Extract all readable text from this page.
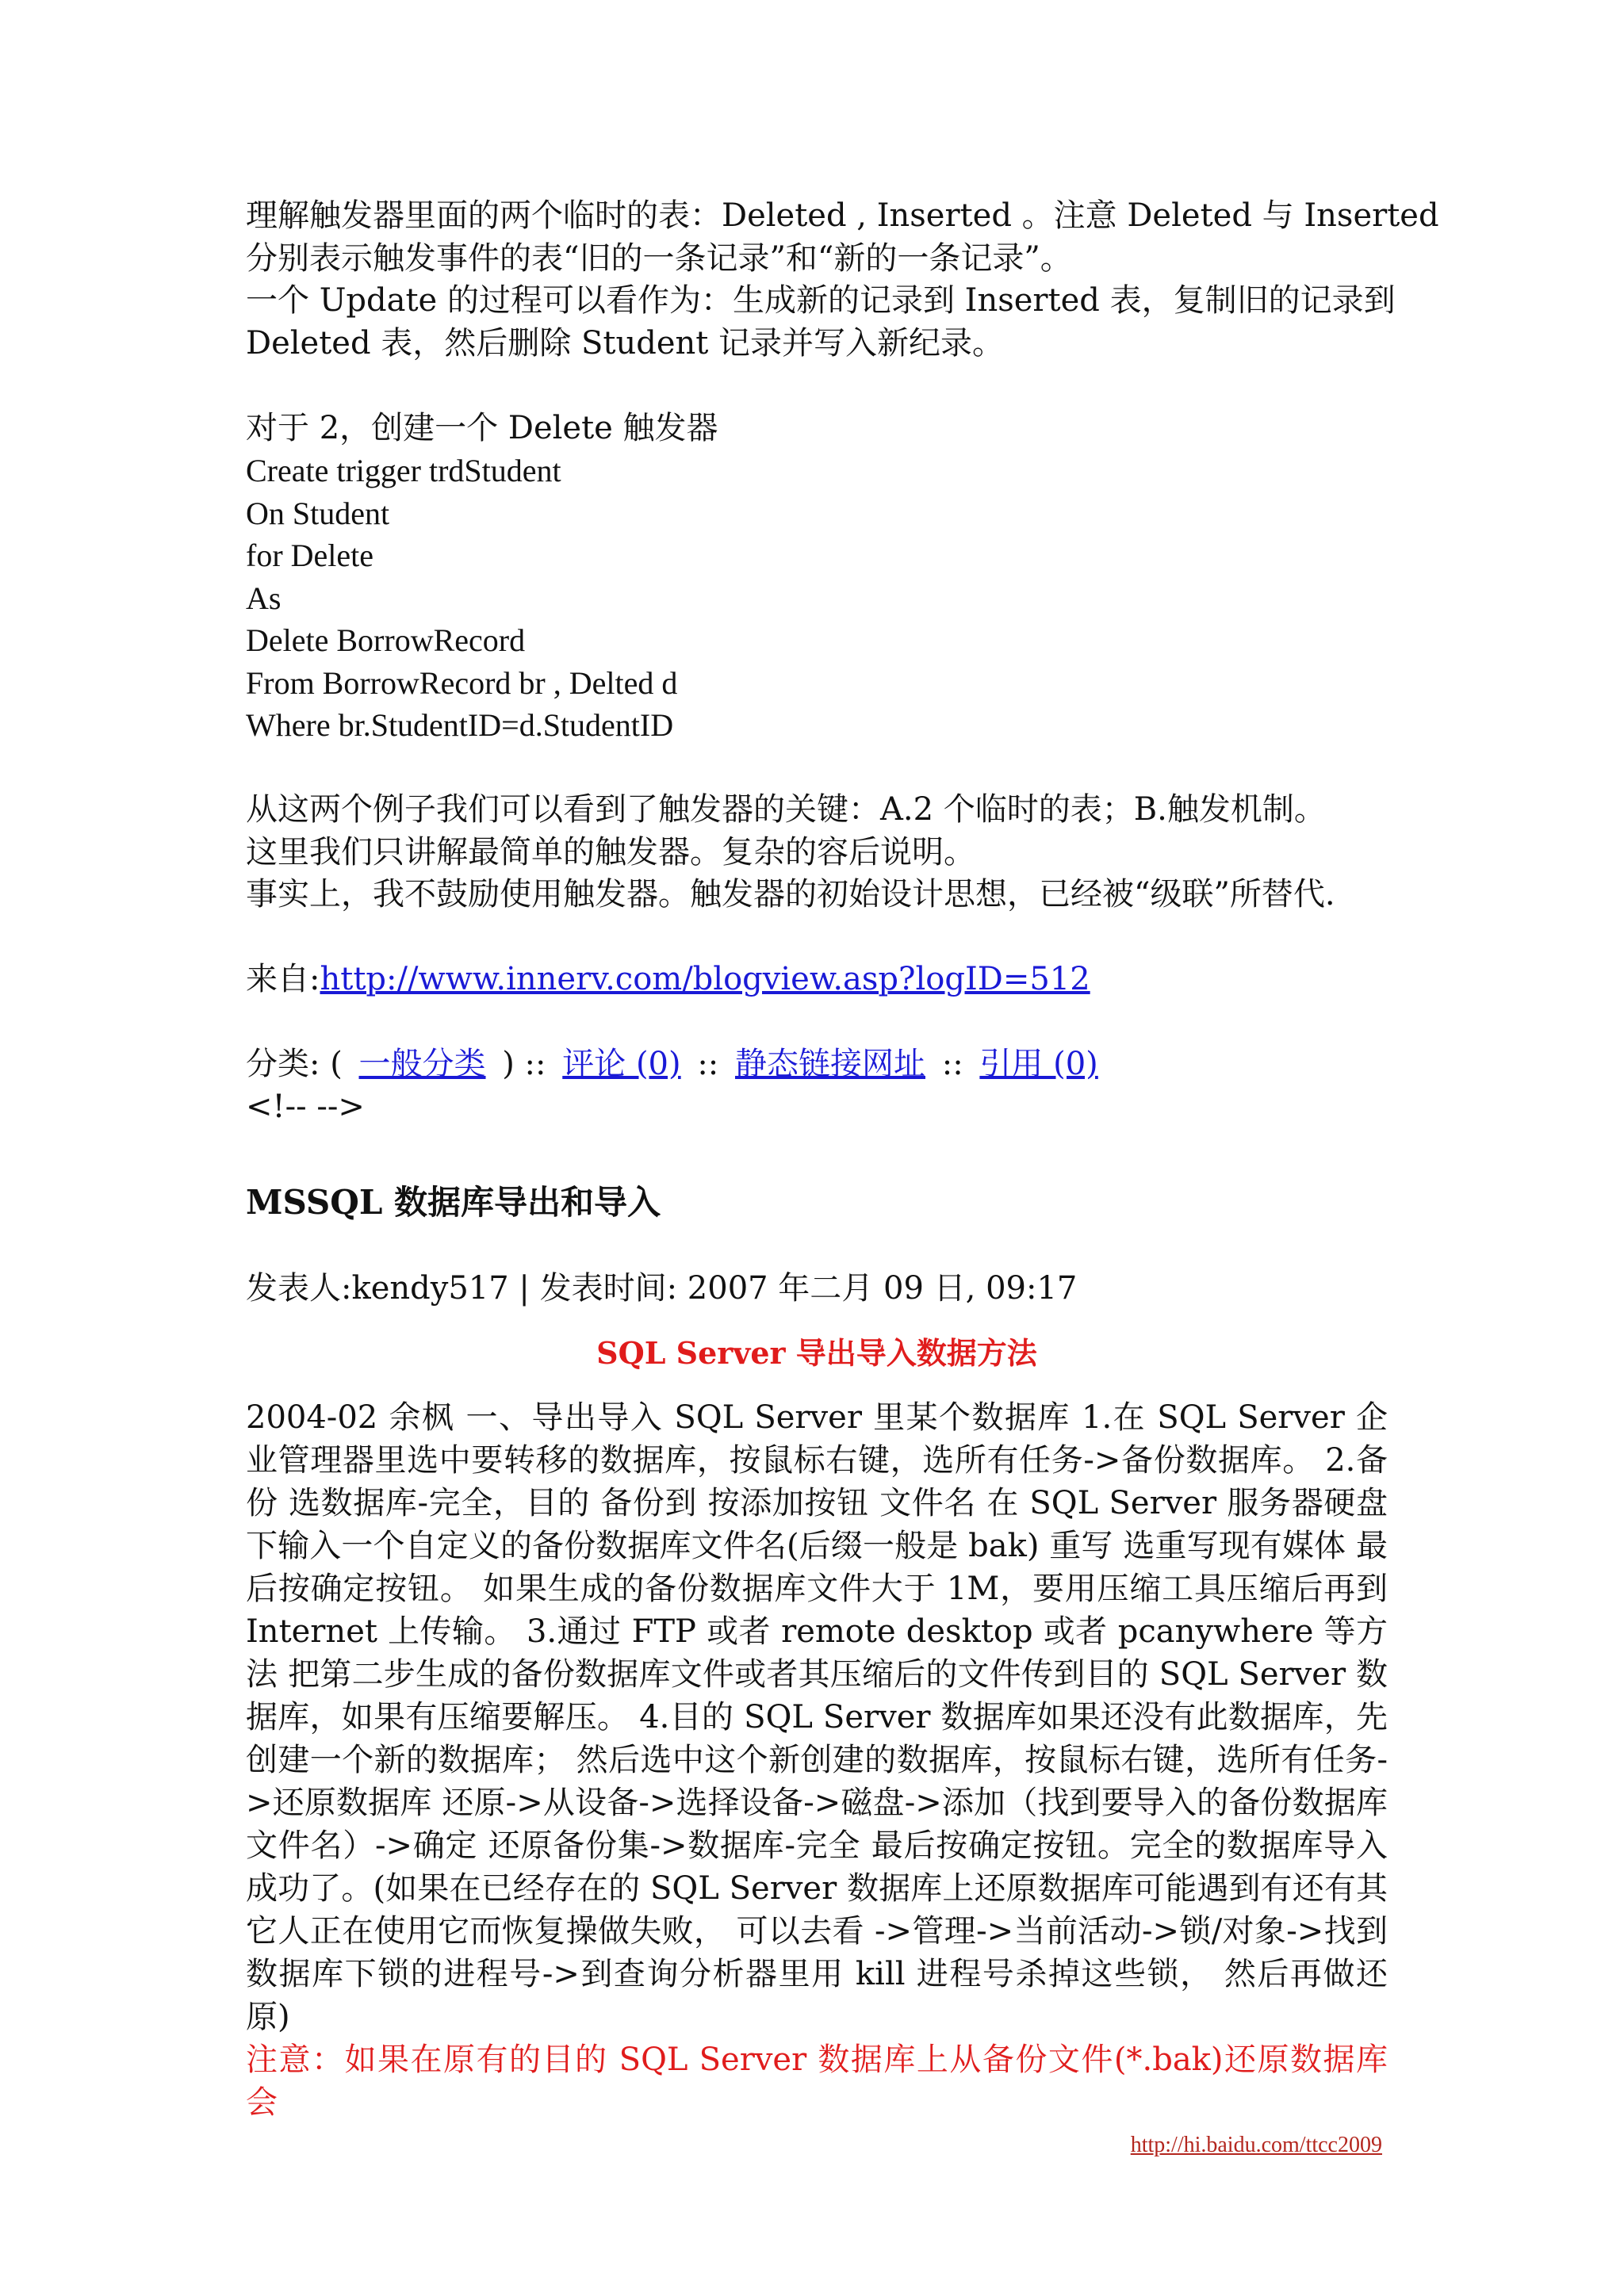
理解触发器里面的两个临时的表：Deleted , Inserted 。注意 Deleted 与 Inserted
分别表示触发事件的表“旧的一条记录”和“新的一条记录”。
一个 Update 的过程可以看作为：生成新的记录到 Inserted 表，复制旧的记录到
Deleted 表，然后删除 Student 记录并写入新纪录。
对于 2，创建一个 Delete 触发器
Create trigger trdStudent
On Student
for Delete
As
Delete BorrowRecord
From BorrowRecord br , Delted d
Where br.StudentID=d.StudentID
从这两个例子我们可以看到了触发器的关键：A.2 个临时的表；B.触发机制。
这里我们只讲解最简单的触发器。复杂的容后说明。
事实上，我不鼓励使用触发器。触发器的初始设计思想，已经被“级联”所替代.
来自:http://www.innerv.com/blogview.asp?logID=512
分类: ( 一般分类 ) :: 评论 (0) :: 静态链接网址 :: 引用 (0)
<!-- -->
MSSQL 数据库导出和导入
发表人:kendy517 | 发表时间: 2007 年二月 09 日, 09:17
SQL Server 导出导入数据方法
2004-02 余枫 一、导出导入 SQL Server 里某个数据库 1.在 SQL Server 企业管理器里选中要转移的数据库，按鼠标右键，选所有任务->备份数据库。 2.备份 选数据库-完全，目的 备份到 按添加按钮 文件名 在 SQL Server 服务器硬盘下输入一个自定义的备份数据库文件名(后缀一般是 bak) 重写 选重写现有媒体 最后按确定按钮。 如果生成的备份数据库文件大于 1M，要用压缩工具压缩后再到 Internet 上传输。 3.通过 FTP 或者 remote desktop 或者 pcanywhere 等方法 把第二步生成的备份数据库文件或者其压缩后的文件传到目的 SQL Server 数据库，如果有压缩要解压。 4.目的 SQL Server 数据库如果还没有此数据库，先创建一个新的数据库； 然后选中这个新创建的数据库，按鼠标右键，选所有任务->还原数据库 还原->从设备->选择设备->磁盘->添加（找到要导入的备份数据库文件名）->确定 还原备份集->数据库-完全 最后按确定按钮。完全的数据库导入成功了。(如果在已经存在的 SQL Server 数据库上还原数据库可能遇到有还有其它人正在使用它而恢复操做失败， 可以去看 ->管理->当前活动->锁/对象->找到数据库下锁的进程号->到查询分析器里用 kill 进程号杀掉这些锁， 然后再做还原)
注意：如果在原有的目的 SQL Server 数据库上从备份文件(*.bak)还原数据库 会
http://hi.baidu.com/ttcc2009
